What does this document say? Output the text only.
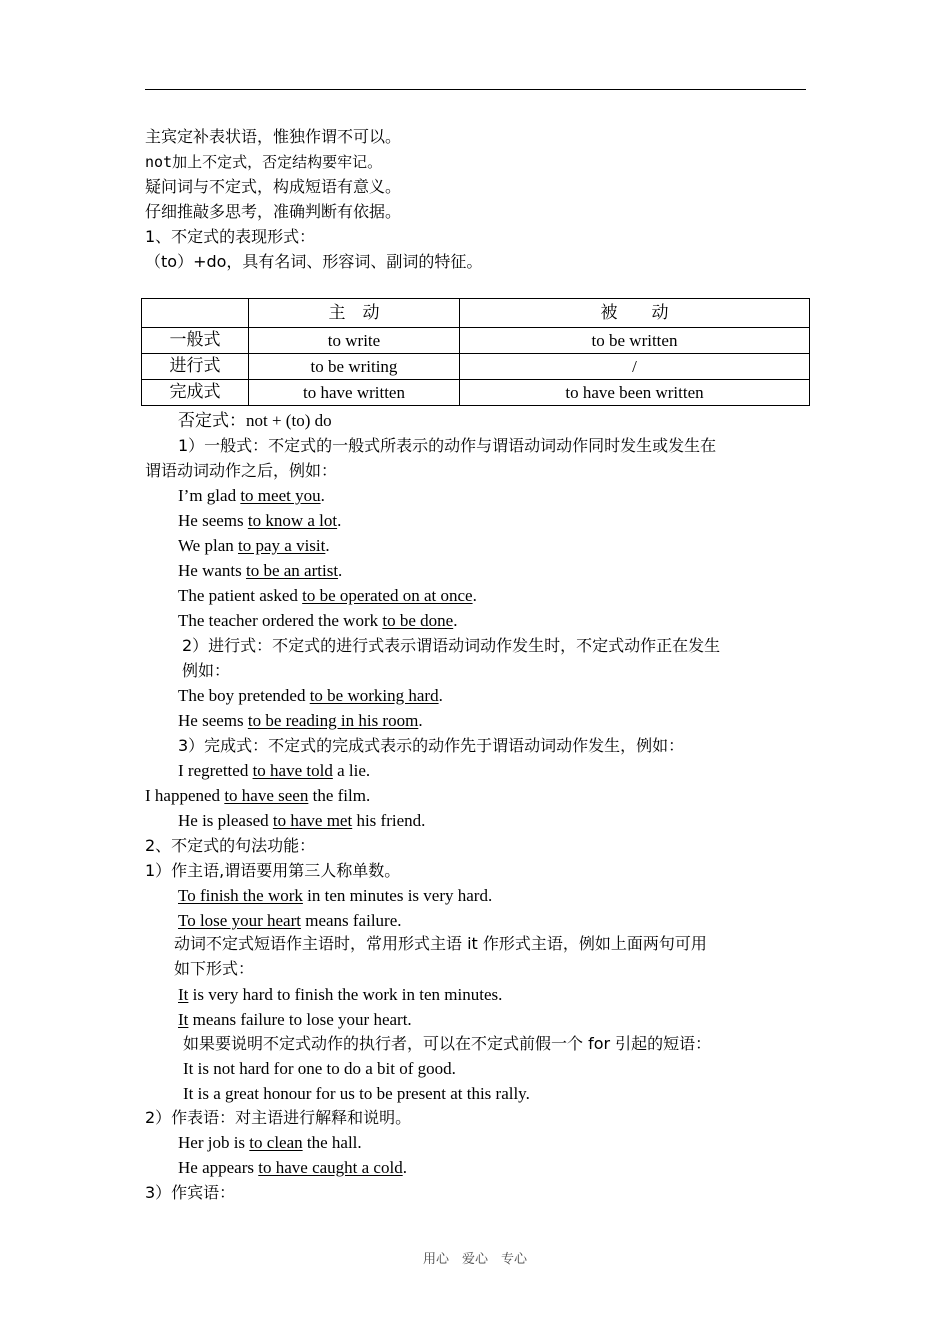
主宾定补表状语，惟独作谓不可以。
not加上不定式，否定结构要牢记。
疑问词与不定式，构成短语有意义。
仔细推敲多思考，准确判断有依据。
1、不定式的表现形式：
（to）+do，具有名词、形容词、副词的特征。
	主　动	被　　动
一般式	to write	to be written
进行式	to be writing	/
完成式	to have written	to have been written
否定式：not + (to) do
1）一般式：不定式的一般式所表示的动作与谓语动词动作同时发生或发生在
谓语动词动作之后，例如：
I’m glad to meet you.
He seems to know a lot.
We plan to pay a visit.
He wants to be an artist.
The patient asked to be operated on at once.
The teacher ordered the work to be done.
2）进行式：不定式的进行式表示谓语动词动作发生时，不定式动作正在发生
例如：
The boy pretended to be working hard.
He seems to be reading in his room.
3）完成式：不定式的完成式表示的动作先于谓语动词动作发生，例如：
I regretted to have told a lie.
I happened to have seen the film.
He is pleased to have met his friend.
2、不定式的句法功能：
1）作主语,谓语要用第三人称单数。
To finish the work in ten minutes is very hard.
To lose your heart means failure.
动词不定式短语作主语时，常用形式主语 it 作形式主语，例如上面两句可用
如下形式：
It is very hard to finish the work in ten minutes.
It means failure to lose your heart.
如果要说明不定式动作的执行者，可以在不定式前假一个 for 引起的短语：
It is not hard for one to do a bit of good.
It is a great honour for us to be present at this rally.
2）作表语：对主语进行解释和说明。
Her job is to clean the hall.
He appears to have caught a cold.
3）作宾语：
用心　爱心　专心
